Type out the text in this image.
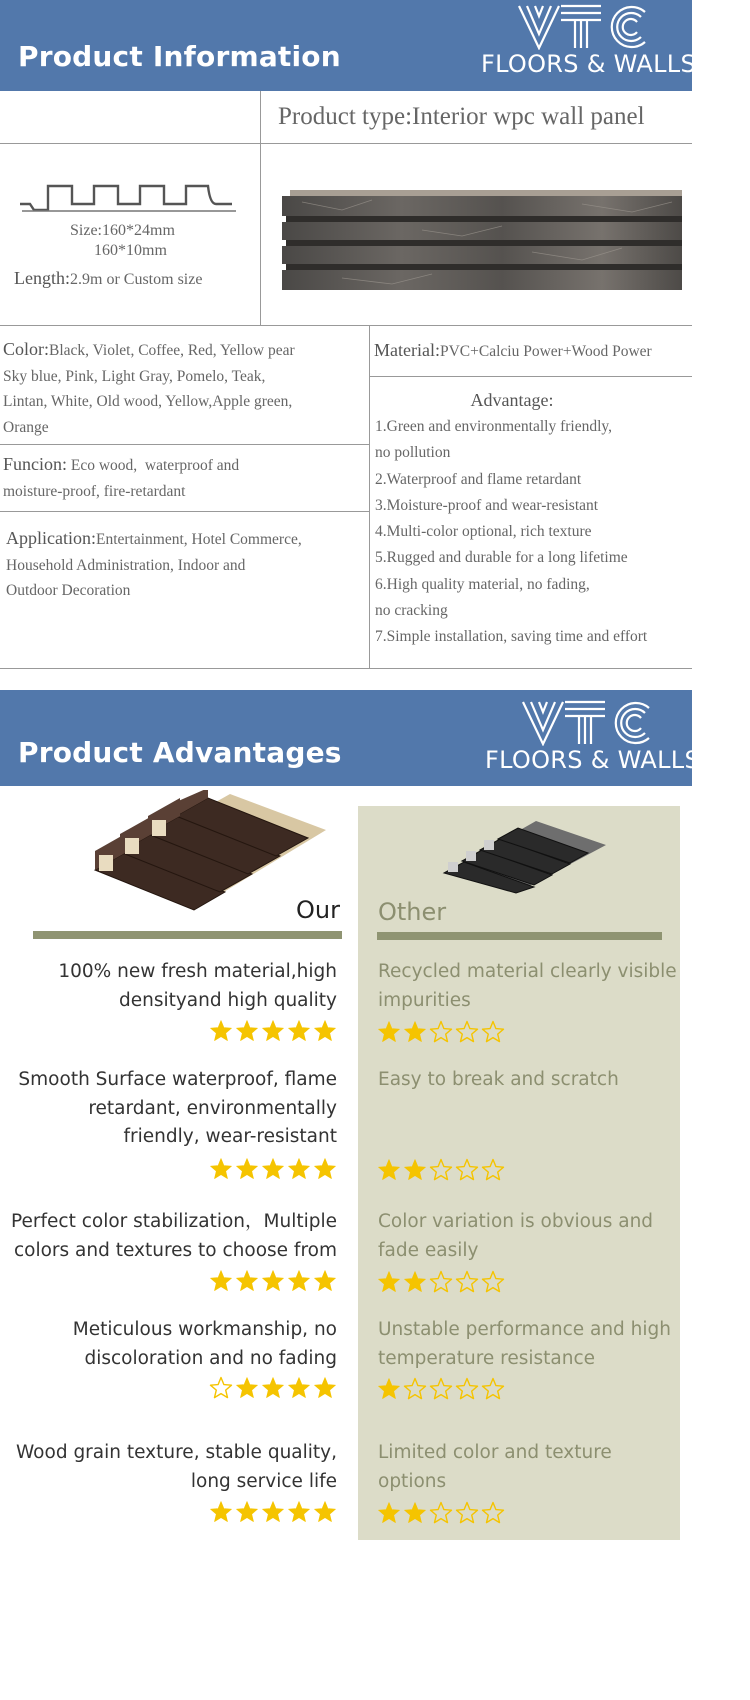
Product Information	FLOORS & WALLS
Product type:Interior wpc wall panel
Size:160*24mm
160*10mm
Length:2.9m or Custom size
Color:Black, Violet, Coffee, Red, Yellow pear
Sky blue, Pink, Light Gray, Pomelo, Teak,
Lintan, White, Old wood, Yellow,Apple green,
Orange
Funcion: Eco wood,  waterproof and
moisture-proof, fire-retardant
Application:Entertainment, Hotel Commerce,
Household Administration, Indoor and
Outdoor Decoration
Material:PVC+Calciu Power+Wood Power
Advantage:
1.Green and environmentally friendly,
no pollution
2.Waterproof and flame retardant
3.Moisture-proof and wear-resistant
4.Multi-color optional, rich texture
5.Rugged and durable for a long lifetime
6.High quality material, no fading,
no cracking
7.Simple installation, saving time and effort
Product Advantages	FLOORS & WALLS
Our Other
100% new fresh material,high
densityand high quality
Recycled material clearly visible
impurities
Smooth Surface waterproof, flame
retardant, environmentally
friendly, wear-resistant
Easy to break and scratch
Perfect color stabilization，Multiple
colors and textures to choose from
Color variation is obvious and
fade easily
Meticulous workmanship, no
discoloration and no fading
Unstable performance and high
temperature resistance
Wood grain texture, stable quality,
long service life
Limited color and texture
options
